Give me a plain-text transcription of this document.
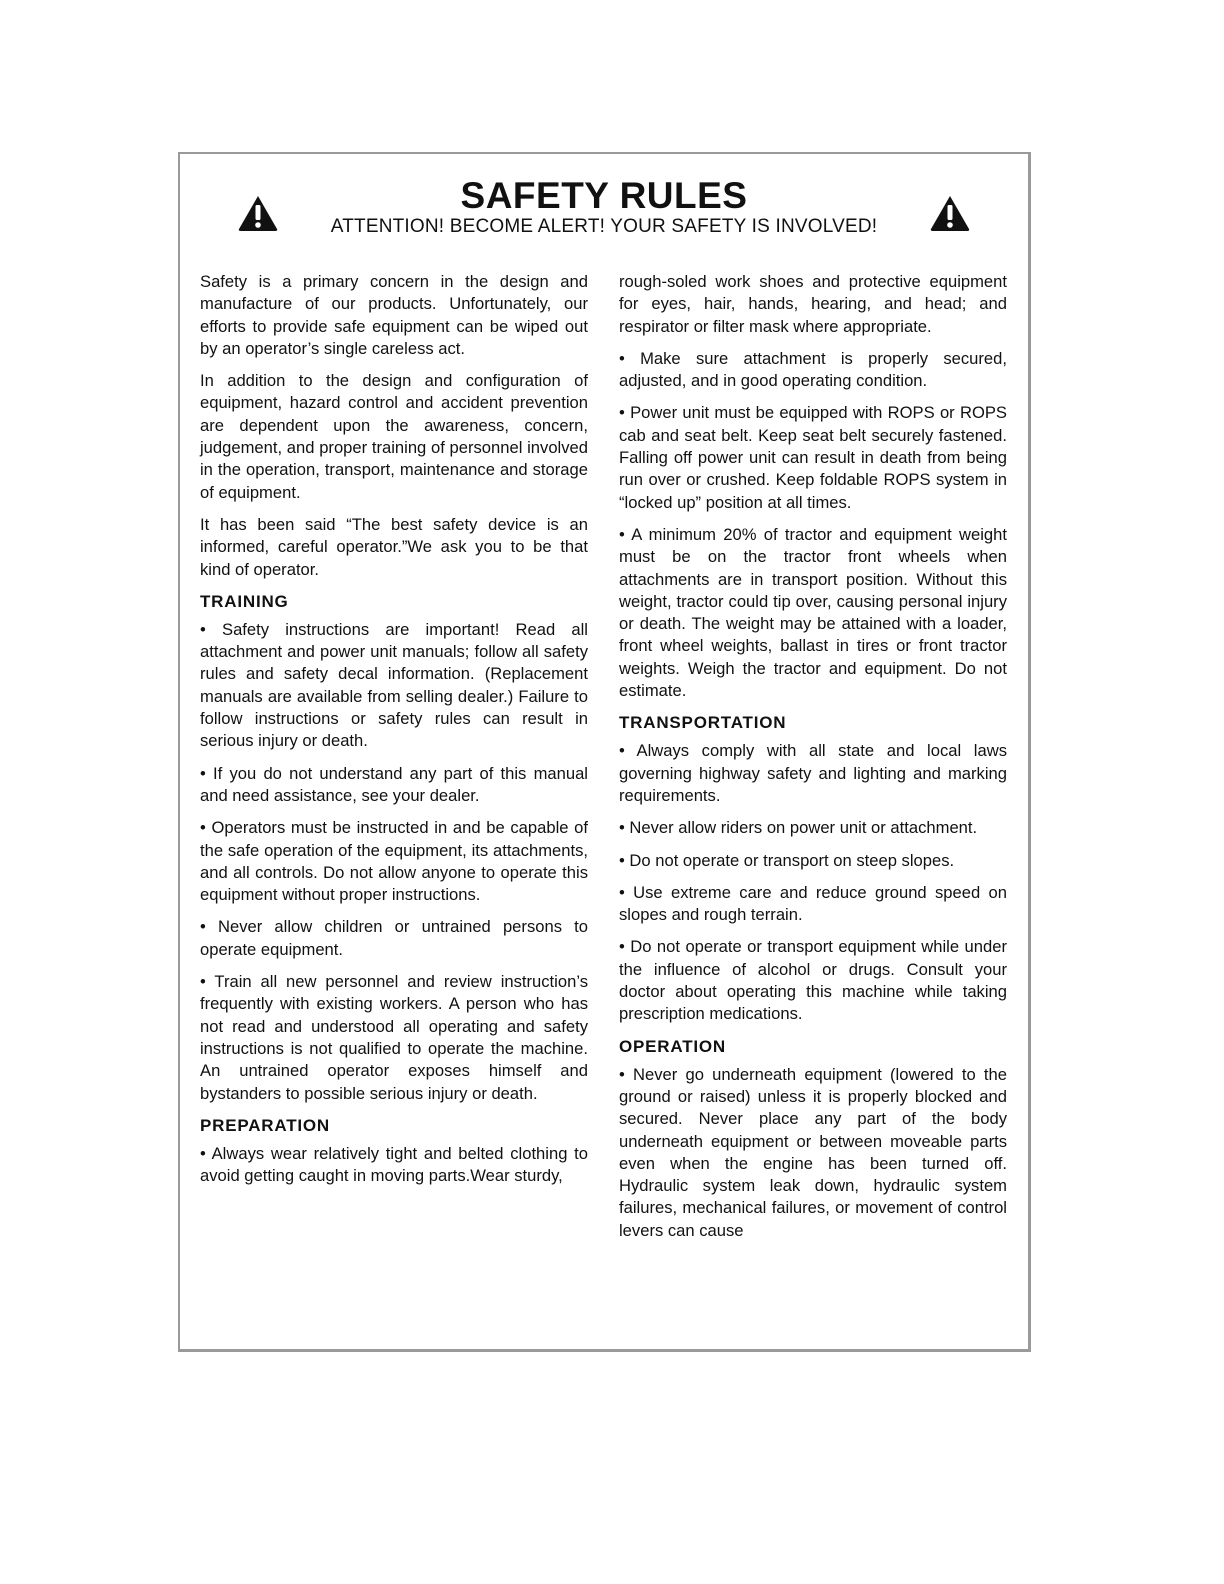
SAFETY RULES

ATTENTION! BECOME ALERT! YOUR SAFETY IS INVOLVED!

Safety is a primary concern in the design and manufacture of our products. Unfortunately, our efforts to provide safe equipment can be wiped out by an operator’s single careless act.

In addition to the design and configuration of equipment, hazard control and accident prevention are dependent upon the awareness, concern, judgement, and proper training of personnel involved in the operation, transport, maintenance and storage of equipment.

It has been said “The best safety device is an informed, careful operator.”We ask you to be that kind of operator.

TRAINING

• Safety instructions are important! Read all attachment and power unit manuals; follow all safety rules and safety decal information. (Replacement manuals are available from selling dealer.) Failure to follow instructions or safety rules can result in serious injury or death.

• If you do not understand any part of this manual and need assistance, see your dealer.

• Operators must be instructed in and be capable of the safe operation of the equipment, its attachments, and all controls. Do not allow anyone to operate this equipment without proper instructions.

• Never allow children or untrained persons to operate equipment.

• Train all new personnel and review instruction’s frequently with existing workers. A person who has not read and understood all operating and safety instructions is not qualified to operate the machine. An untrained operator exposes himself and bystanders to possible serious injury or death.

PREPARATION

• Always wear relatively tight and belted clothing to avoid getting caught in moving parts.Wear sturdy,

rough-soled work shoes and protective equipment for eyes, hair, hands, hearing, and head; and respirator or filter mask where appropriate.

• Make sure attachment is properly secured, adjusted, and in good operating condition.

• Power unit must be equipped with ROPS or ROPS cab and seat belt. Keep seat belt securely fastened. Falling off power unit can result in death from being run over or crushed. Keep foldable ROPS system in “locked up” position at all times.

• A minimum 20% of tractor and equipment weight must be on the tractor front wheels when attachments are in transport position. Without this weight, tractor could tip over, causing personal injury or death. The weight may be attained with a loader, front wheel weights, ballast in tires or front tractor weights. Weigh the tractor and equipment. Do not estimate.

TRANSPORTATION

• Always comply with all state and local laws governing highway safety and lighting and marking requirements.

• Never allow riders on power unit or attachment.

• Do not operate or transport on steep slopes.

• Use extreme care and reduce ground speed on slopes and rough terrain.

• Do not operate or transport equipment while under the influence of alcohol or drugs. Consult your doctor about operating this machine while taking prescription medications.

OPERATION

• Never go underneath equipment (lowered to the ground or raised) unless it is properly blocked and secured. Never place any part of the body underneath equipment or between moveable parts even when the engine has been turned off. Hydraulic system leak down, hydraulic system failures, mechanical failures, or movement of control levers can cause
